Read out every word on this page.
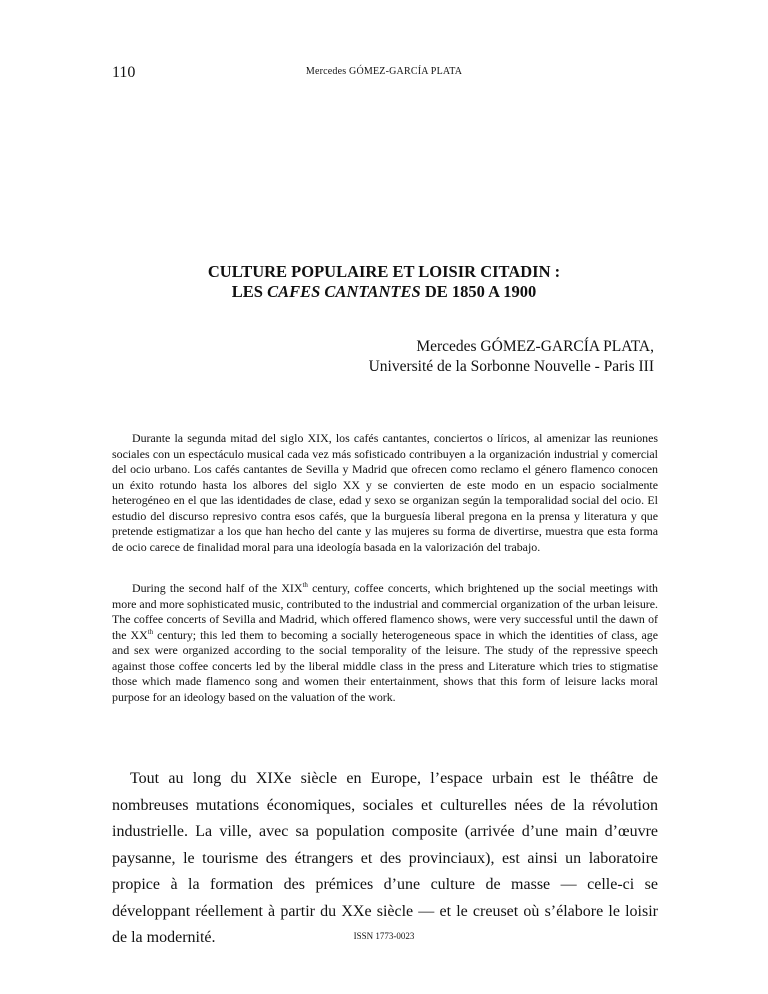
110	Mercedes GÓMEZ-GARCÍA PLATA
CULTURE POPULAIRE ET LOISIR CITADIN :
LES CAFES CANTANTES DE 1850 A 1900
Mercedes GÓMEZ-GARCÍA PLATA,
Université de la Sorbonne Nouvelle - Paris III

Durante la segunda mitad del siglo XIX, los cafés cantantes, conciertos o líricos, al amenizar las reuniones sociales con un espectáculo musical cada vez más sofisticado contribuyen a la organización industrial y comercial del ocio urbano. Los cafés cantantes de Sevilla y Madrid que ofrecen como reclamo el género flamenco conocen un éxito rotundo hasta los albores del siglo XX y se convierten de este modo en un espacio socialmente heterogéneo en el que las identidades de clase, edad y sexo se organizan según la temporalidad social del ocio. El estudio del discurso represivo contra esos cafés, que la burguesía liberal pregona en la prensa y literatura y que pretende estigmatizar a los que han hecho del cante y las mujeres su forma de divertirse, muestra que esta forma de ocio carece de finalidad moral para una ideología basada en la valorización del trabajo.

During the second half of the XIXth century, coffee concerts, which brightened up the social meetings with more and more sophisticated music, contributed to the industrial and commercial organization of the urban leisure. The coffee concerts of Sevilla and Madrid, which offered flamenco shows, were very successful until the dawn of the XXth century; this led them to becoming a socially heterogeneous space in which the identities of class, age and sex were organized according to the social temporality of the leisure. The study of the repressive speech against those coffee concerts led by the liberal middle class in the press and Literature which tries to stigmatise those which made flamenco song and women their entertainment, shows that this form of leisure lacks moral purpose for an ideology based on the valuation of the work.

Tout au long du XIXe siècle en Europe, l’espace urbain est le théâtre de nombreuses mutations économiques, sociales et culturelles nées de la révolution industrielle. La ville, avec sa population composite (arrivée d’une main d’œuvre paysanne, le tourisme des étrangers et des provinciaux), est ainsi un laboratoire propice à la formation des prémices d’une culture de masse — celle-ci se développant réellement à partir du XXe siècle — et le creuset où s’élabore le loisir de la modernité.	ISSN 1773-0023
